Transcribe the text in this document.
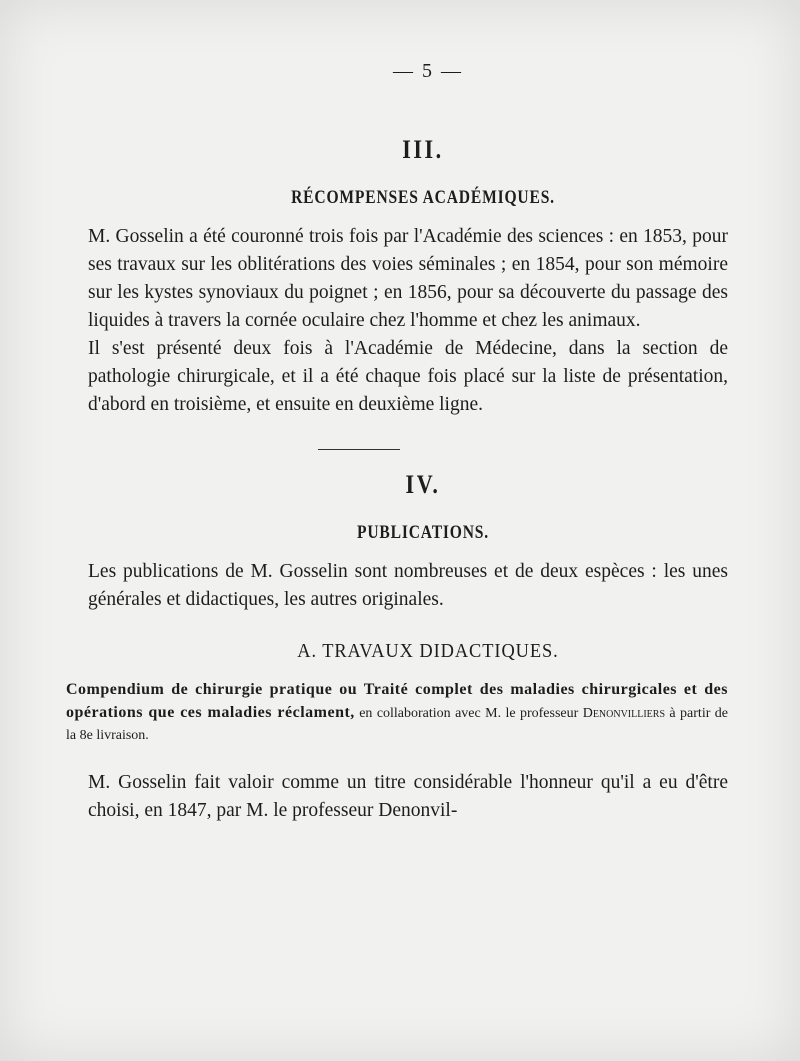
— 5 —
III.
RÉCOMPENSES ACADÉMIQUES.

M. Gosselin a été couronné trois fois par l'Académie des sciences : en 1853, pour ses travaux sur les oblitérations des voies séminales ; en 1854, pour son mémoire sur les kystes synoviaux du poignet ; en 1856, pour sa découverte du passage des liquides à travers la cornée oculaire chez l'homme et chez les animaux.

Il s'est présenté deux fois à l'Académie de Médecine, dans la section de pathologie chirurgicale, et il a été chaque fois placé sur la liste de présentation, d'abord en troisième, et ensuite en deuxième ligne.

IV.
PUBLICATIONS.

Les publications de M. Gosselin sont nombreuses et de deux espèces : les unes générales et didactiques, les autres originales.

A. TRAVAUX DIDACTIQUES.
Compendium de chirurgie pratique ou Traité complet des maladies chirurgicales et des opérations que ces maladies réclament, en collaboration avec M. le professeur Denonvilliers à partir de la 8e livraison.

M. Gosselin fait valoir comme un titre considérable l'honneur qu'il a eu d'être choisi, en 1847, par M. le professeur Denonvil-
